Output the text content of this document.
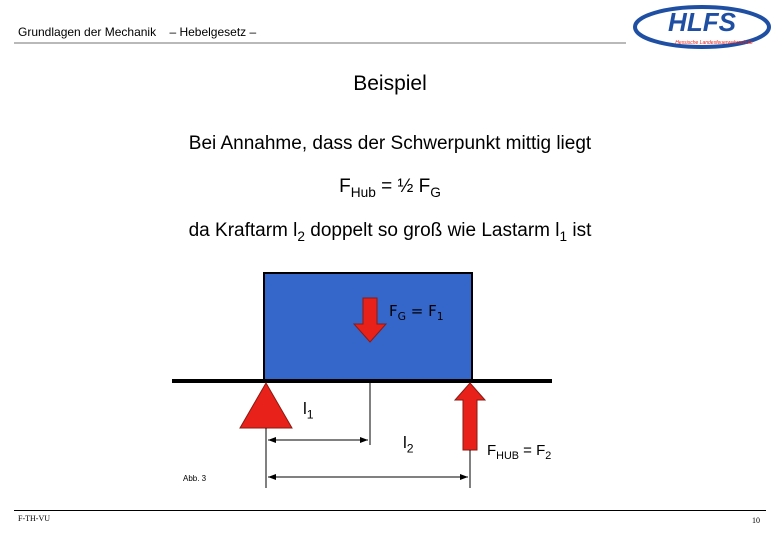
Grundlagen der Mechanik – Hebelgesetz –	HLFS
Hessische Landesfeuerwehrschule
Beispiel
Bei Annahme, dass der Schwerpunkt mittig liegt
$F_{Hub}$ = ½ $F_G$
da Kraftarm $l_2$ doppelt so groß wie Lastarm $l_1$ ist
$F_G = F_1$
$l_1$
$l_2$	$F_{HUB} = F_2$
Abb. 3
F-TH-VU	10
